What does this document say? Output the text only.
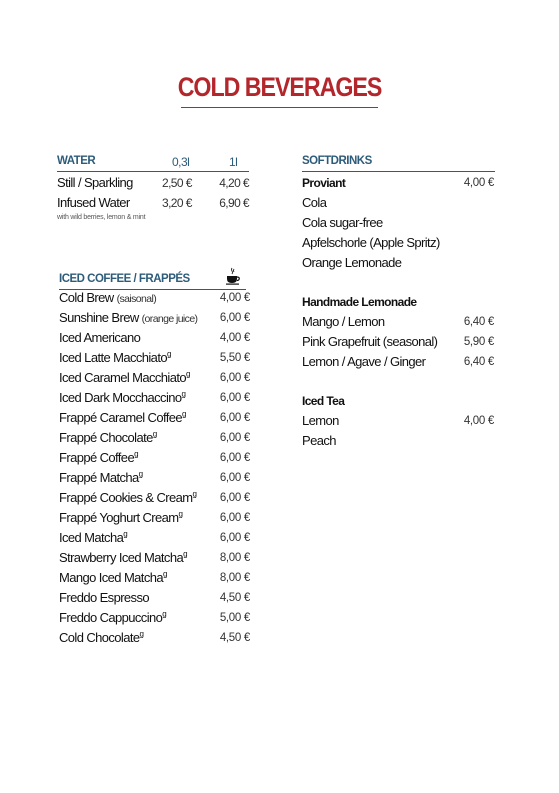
COLD BEVERAGES
WATER	0,3l	1l
Still / Sparkling 2,50 € 4,20 €
Infused Water	3,20 € 6,90 €
with wild berries, lemon & mint
ICED COFFEE / FRAPPÉS
Cold Brew (saisonal)	4,00 €
Sunshine Brew (orange juice) 6,00 €
Iced Americano	4,00 €
Iced Latte Macchiato$^g$	5,50 €
Iced Caramel Macchiato$^g$	6,00 €
Iced Dark Mocchaccino$^g$	6,00 €
Frappé Caramel Coffee$^g$	6,00 €
Frappé Chocolate$^g$	6,00 €
Frappé Coffee$^g$	6,00 €
Frappé Matcha$^g$	6,00 €
Frappé Cookies & Cream$^g$ 6,00 €
Frappé Yoghurt Cream$^g$	6,00 €
Iced Matcha$^g$	6,00 €
Strawberry Iced Matcha$^g$	8,00 €
Mango Iced Matcha$^g$	8,00 €
Freddo Espresso	4,50 €
Freddo Cappuccino$^g$	5,00 €
Cold Chocolate$^g$	4,50 €
SOFTDRINKS
Proviant	4,00 €
Cola
Cola sugar-free
Apfelschorle (Apple Spritz)
Orange Lemonade
Handmade Lemonade
Mango / Lemon	6,40 €
Pink Grapefruit (seasonal) 5,90 €
Lemon / Agave / Ginger	6,40 €
Iced Tea
Lemon	4,00 €
Peach
